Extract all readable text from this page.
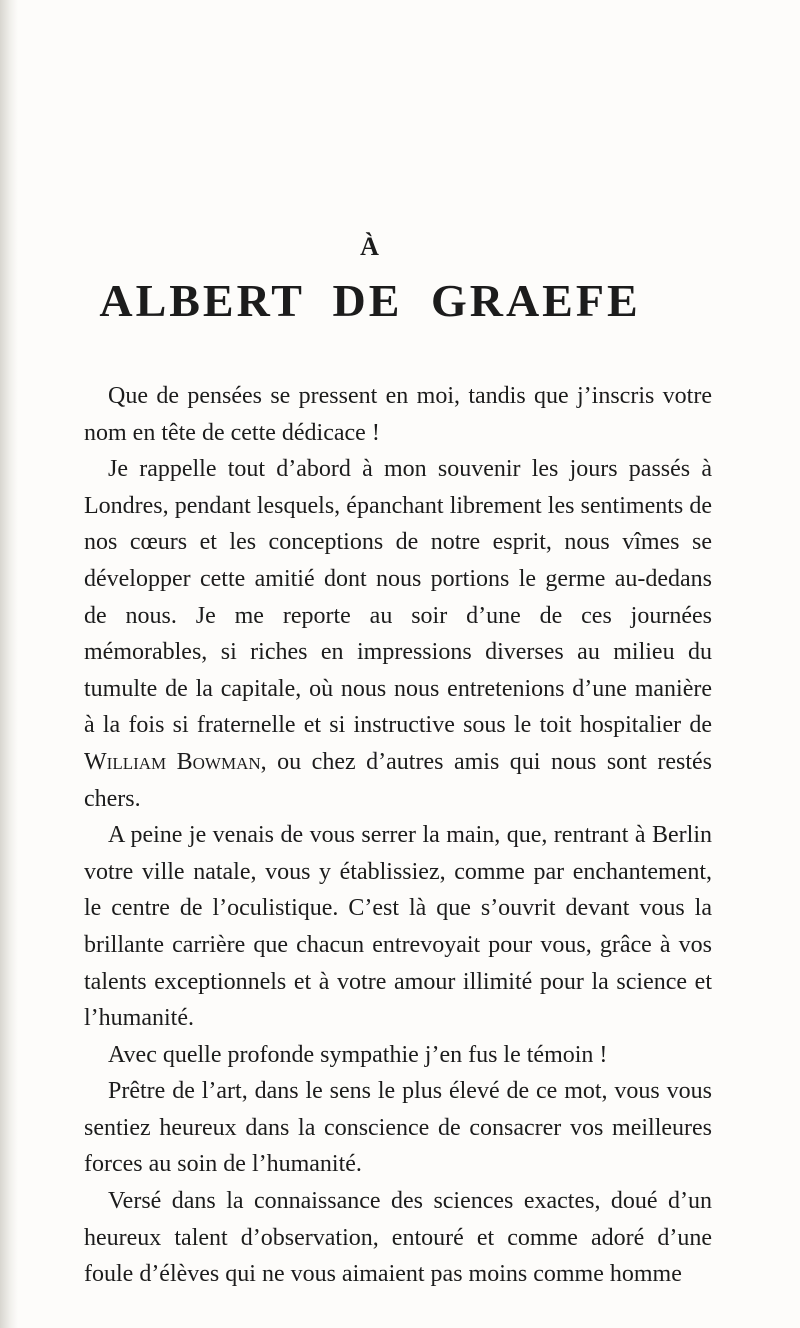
À
ALBERT DE GRAEFE

Que de pensées se pressent en moi, tandis que j’inscris votre nom en tête de cette dédicace !

Je rappelle tout d’abord à mon souvenir les jours passés à Londres, pendant lesquels, épanchant librement les sentiments de nos cœurs et les conceptions de notre esprit, nous vîmes se développer cette amitié dont nous portions le germe au-dedans de nous. Je me reporte au soir d’une de ces journées mémorables, si riches en impressions diverses au milieu du tumulte de la capitale, où nous nous entretenions d’une manière à la fois si fraternelle et si instructive sous le toit hospitalier de William Bowman, ou chez d’autres amis qui nous sont restés chers.

A peine je venais de vous serrer la main, que, rentrant à Berlin votre ville natale, vous y établissiez, comme par enchantement, le centre de l’oculistique. C’est là que s’ouvrit devant vous la brillante carrière que chacun entrevoyait pour vous, grâce à vos talents exceptionnels et à votre amour illimité pour la science et l’humanité.

Avec quelle profonde sympathie j’en fus le témoin !

Prêtre de l’art, dans le sens le plus élevé de ce mot, vous vous sentiez heureux dans la conscience de consacrer vos meilleures forces au soin de l’humanité.

Versé dans la connaissance des sciences exactes, doué d’un heureux talent d’observation, entouré et comme adoré d’une foule d’élèves qui ne vous aimaient pas moins comme homme
